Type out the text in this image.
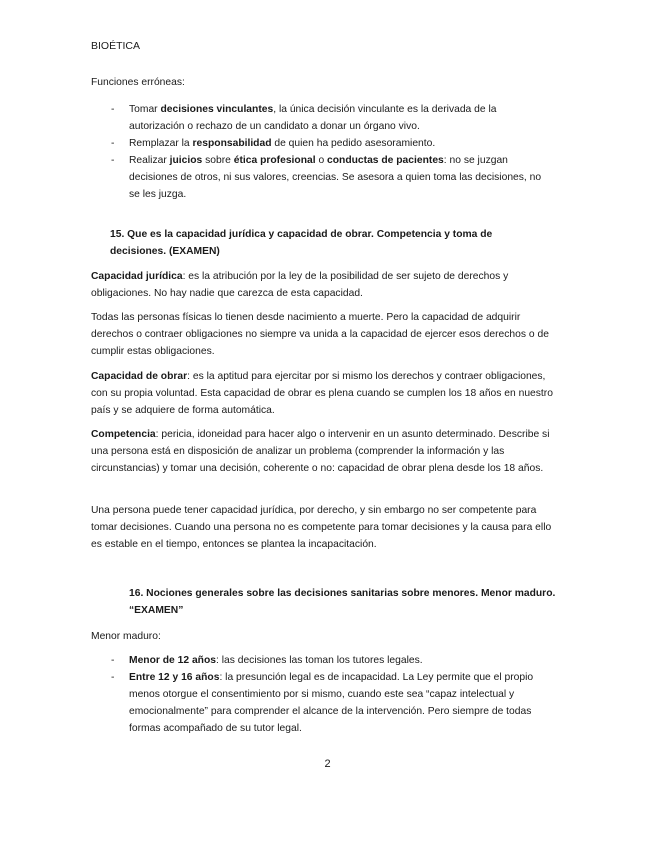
BIOÉTICA

Funciones erróneas:

- Tomar decisiones vinculantes, la única decisión vinculante es la derivada de la autorización o rechazo de un candidato a donar un órgano vivo.
- Remplazar la responsabilidad de quien ha pedido asesoramiento.
- Realizar juicios sobre ética profesional o conductas de pacientes: no se juzgan decisiones de otros, ni sus valores, creencias. Se asesora a quien toma las decisiones, no se les juzga.
15. Que es la capacidad jurídica y capacidad de obrar. Competencia y toma de decisiones. (EXAMEN)
Capacidad jurídica: es la atribución por la ley de la posibilidad de ser sujeto de derechos y obligaciones. No hay nadie que carezca de esta capacidad.
Todas las personas físicas lo tienen desde nacimiento a muerte. Pero la capacidad de adquirir derechos o contraer obligaciones no siempre va unida a la capacidad de ejercer esos derechos o de cumplir estas obligaciones.
Capacidad de obrar: es la aptitud para ejercitar por si mismo los derechos y contraer obligaciones, con su propia voluntad. Esta capacidad de obrar es plena cuando se cumplen los 18 años en nuestro país y se adquiere de forma automática.
Competencia: pericia, idoneidad para hacer algo o intervenir en un asunto determinado. Describe si una persona está en disposición de analizar un problema (comprender la información y las circunstancias) y tomar una decisión, coherente o no: capacidad de obrar plena desde los 18 años.
Una persona puede tener capacidad jurídica, por derecho, y sin embargo no ser competente para tomar decisiones. Cuando una persona no es competente para tomar decisiones y la causa para ello es estable en el tiempo, entonces se plantea la incapacitación.
16. Nociones generales sobre las decisiones sanitarias sobre menores. Menor maduro. “EXAMEN”
Menor maduro:
- Menor de 12 años: las decisiones las toman los tutores legales.
- Entre 12 y 16 años: la presunción legal es de incapacidad. La Ley permite que el propio menos otorgue el consentimiento por si mismo, cuando este sea “capaz intelectual y emocionalmente” para comprender el alcance de la intervención. Pero siempre de todas formas acompañado de su tutor legal.
2
